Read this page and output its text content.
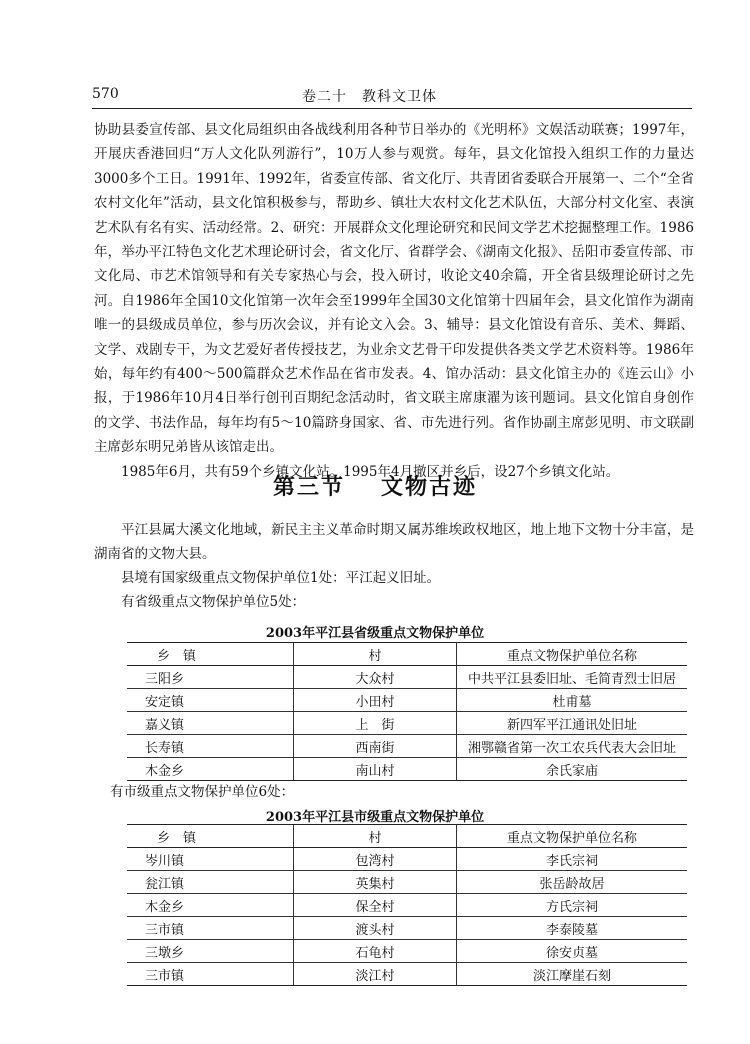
570	卷二十　教科文卫体

协助县委宣传部、县文化局组织由各战线利用各种节日举办的《光明杯》文娱活动联赛；1997年，开展庆香港回归“万人文化队列游行”，10万人参与观赏。每年，县文化馆投入组织工作的力量达3000多个工日。1991年、1992年，省委宣传部、省文化厅、共青团省委联合开展第一、二个“全省农村文化年”活动，县文化馆积极参与，帮助乡、镇壮大农村文化艺术队伍，大部分村文化室、表演艺术队有名有实、活动经常。2、研究：开展群众文化理论研究和民间文学艺术挖掘整理工作。1986年，举办平江特色文化艺术理论研讨会，省文化厅、省群学会、《湖南文化报》、岳阳市委宣传部、市文化局、市艺术馆领导和有关专家热心与会，投入研讨，收论文40余篇，开全省县级理论研讨之先河。自1986年全国10文化馆第一次年会至1999年全国30文化馆第十四届年会，县文化馆作为湖南唯一的县级成员单位，参与历次会议，并有论文入会。3、辅导：县文化馆设有音乐、美术、舞蹈、文学、戏剧专干，为文艺爱好者传授技艺，为业余文艺骨干印发提供各类文学艺术资料等。1986年始，每年约有400～500篇群众艺术作品在省市发表。4、馆办活动：县文化馆主办的《连云山》小报，于1986年10月4日举行创刊百期纪念活动时，省文联主席康濯为该刊题词。县文化馆自身创作的文学、书法作品，每年均有5～10篇跻身国家、省、市先进行列。省作协副主席彭见明、市文联副主席彭东明兄弟皆从该馆走出。

1985年6月，共有59个乡镇文化站。1995年4月撤区并乡后，设27个乡镇文化站。

第三节 文物古迹

平江县属大溪文化地域，新民主主义革命时期又属苏维埃政权地区，地上地下文物十分丰富，是湖南省的文物大县。

县境有国家级重点文物保护单位1处：平江起义旧址。

有省级重点文物保护单位5处：

2003年平江县省级重点文物保护单位
乡　镇	村	重点文物保护单位名称
三阳乡	大众村	中共平江县委旧址、毛简青烈士旧居
安定镇	小田村	杜甫墓
嘉义镇	上　街	新四军平江通讯处旧址
长寿镇	西南街	湘鄂赣省第一次工农兵代表大会旧址
木金乡	南山村	余氏家庙
有市级重点文物保护单位6处：
2003年平江县市级重点文物保护单位
乡　镇	村	重点文物保护单位名称
岑川镇	包湾村	李氏宗祠
瓮江镇	英集村	张岳龄故居
木金乡	保全村	方氏宗祠
三市镇	渡头村	李泰陵墓
三墩乡	石龟村	徐安贞墓
三市镇	淡江村	淡江摩崖石刻
